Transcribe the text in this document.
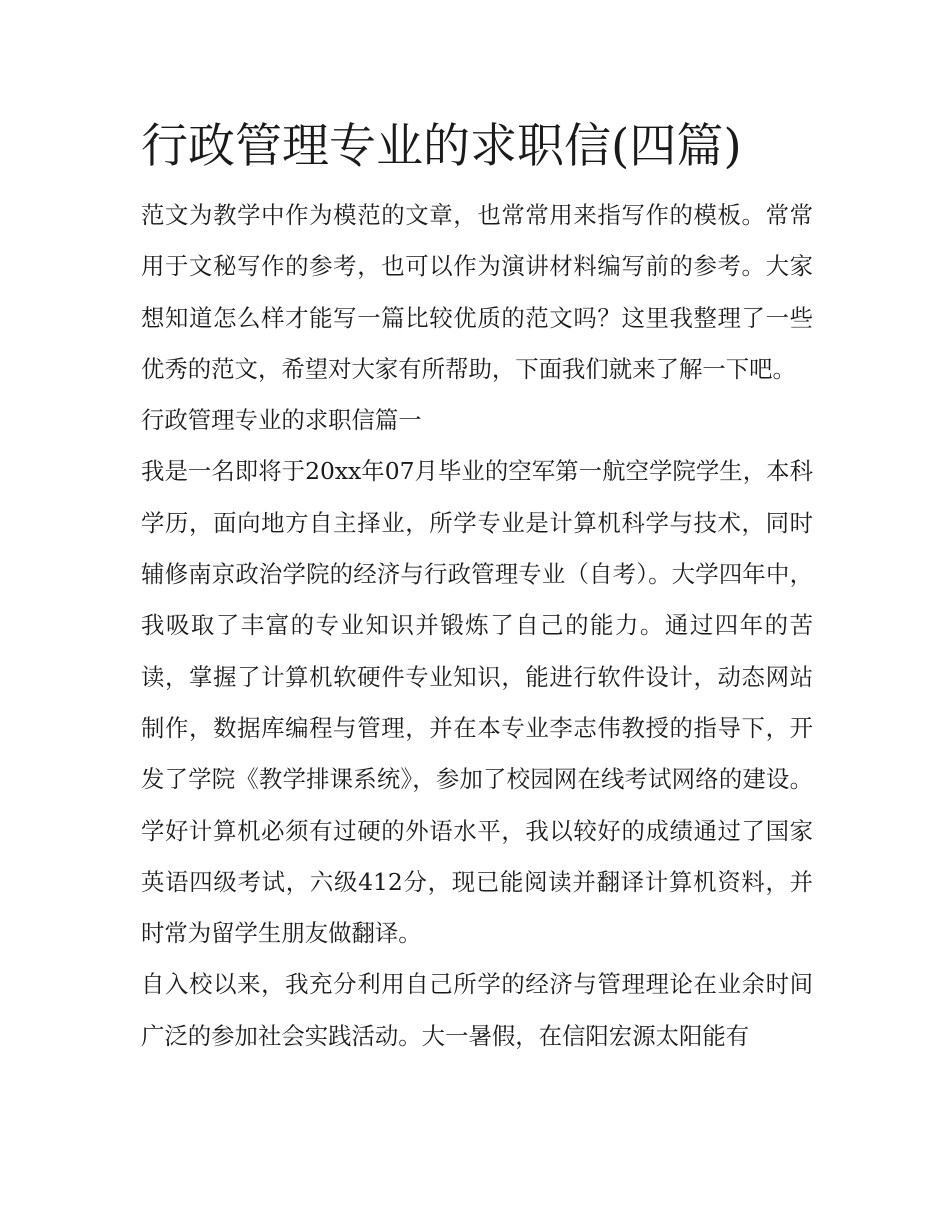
行政管理专业的求职信(四篇)

范文为教学中作为模范的文章，也常常用来指写作的模板。常常用于文秘写作的参考，也可以作为演讲材料编写前的参考。大家想知道怎么样才能写一篇比较优质的范文吗？这里我整理了一些优秀的范文，希望对大家有所帮助，下面我们就来了解一下吧。

行政管理专业的求职信篇一

我是一名即将于20xx年07月毕业的空军第一航空学院学生，本科学历，面向地方自主择业，所学专业是计算机科学与技术，同时辅修南京政治学院的经济与行政管理专业（自考）。大学四年中，我吸取了丰富的专业知识并锻炼了自己的能力。通过四年的苦读，掌握了计算机软硬件专业知识，能进行软件设计，动态网站制作，数据库编程与管理，并在本专业李志伟教授的指导下，开发了学院《教学排课系统》，参加了校园网在线考试网络的建设。学好计算机必须有过硬的外语水平，我以较好的成绩通过了国家英语四级考试，六级412分，现已能阅读并翻译计算机资料，并时常为留学生朋友做翻译。

自入校以来，我充分利用自己所学的经济与管理理论在业余时间广泛的参加社会实践活动。大一暑假，在信阳宏源太阳能有
